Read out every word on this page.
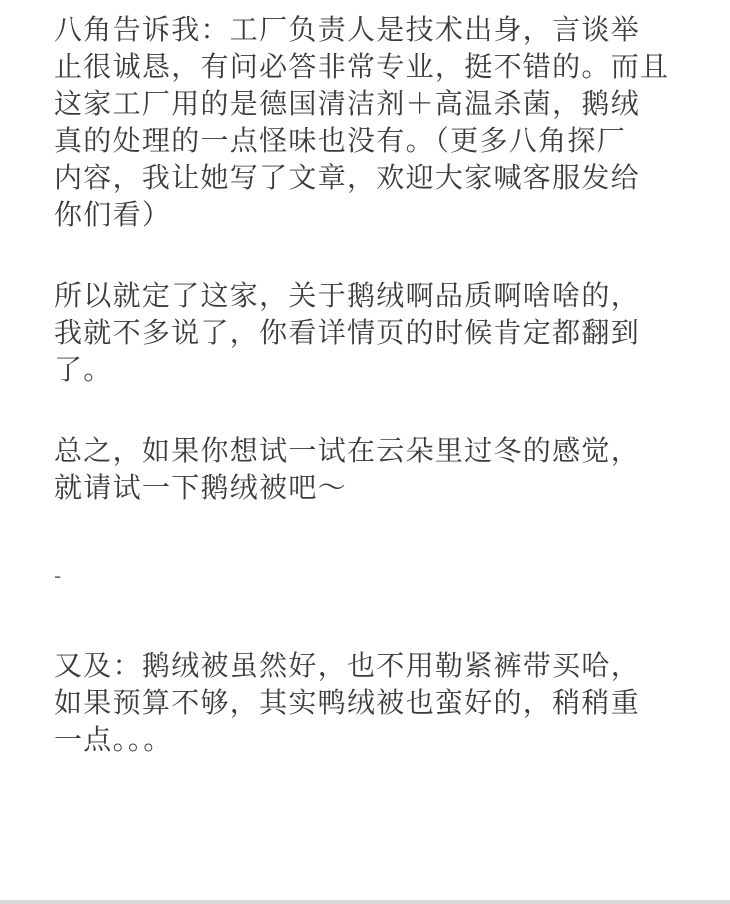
八角告诉我：工厂负责人是技术出身，言谈举
止很诚恳，有问必答非常专业，挺不错的。而且
这家工厂用的是德国清洁剂＋高温杀菌，鹅绒
真的处理的一点怪味也没有。（更多八角探厂
内容，我让她写了文章，欢迎大家喊客服发给
你们看）
所以就定了这家，关于鹅绒啊品质啊啥啥的，
我就不多说了，你看详情页的时候肯定都翻到
了。
总之，如果你想试一试在云朵里过冬的感觉，
就请试一下鹅绒被吧～
-
又及：鹅绒被虽然好，也不用勒紧裤带买哈，
如果预算不够，其实鸭绒被也蛮好的，稍稍重
一点。。。
